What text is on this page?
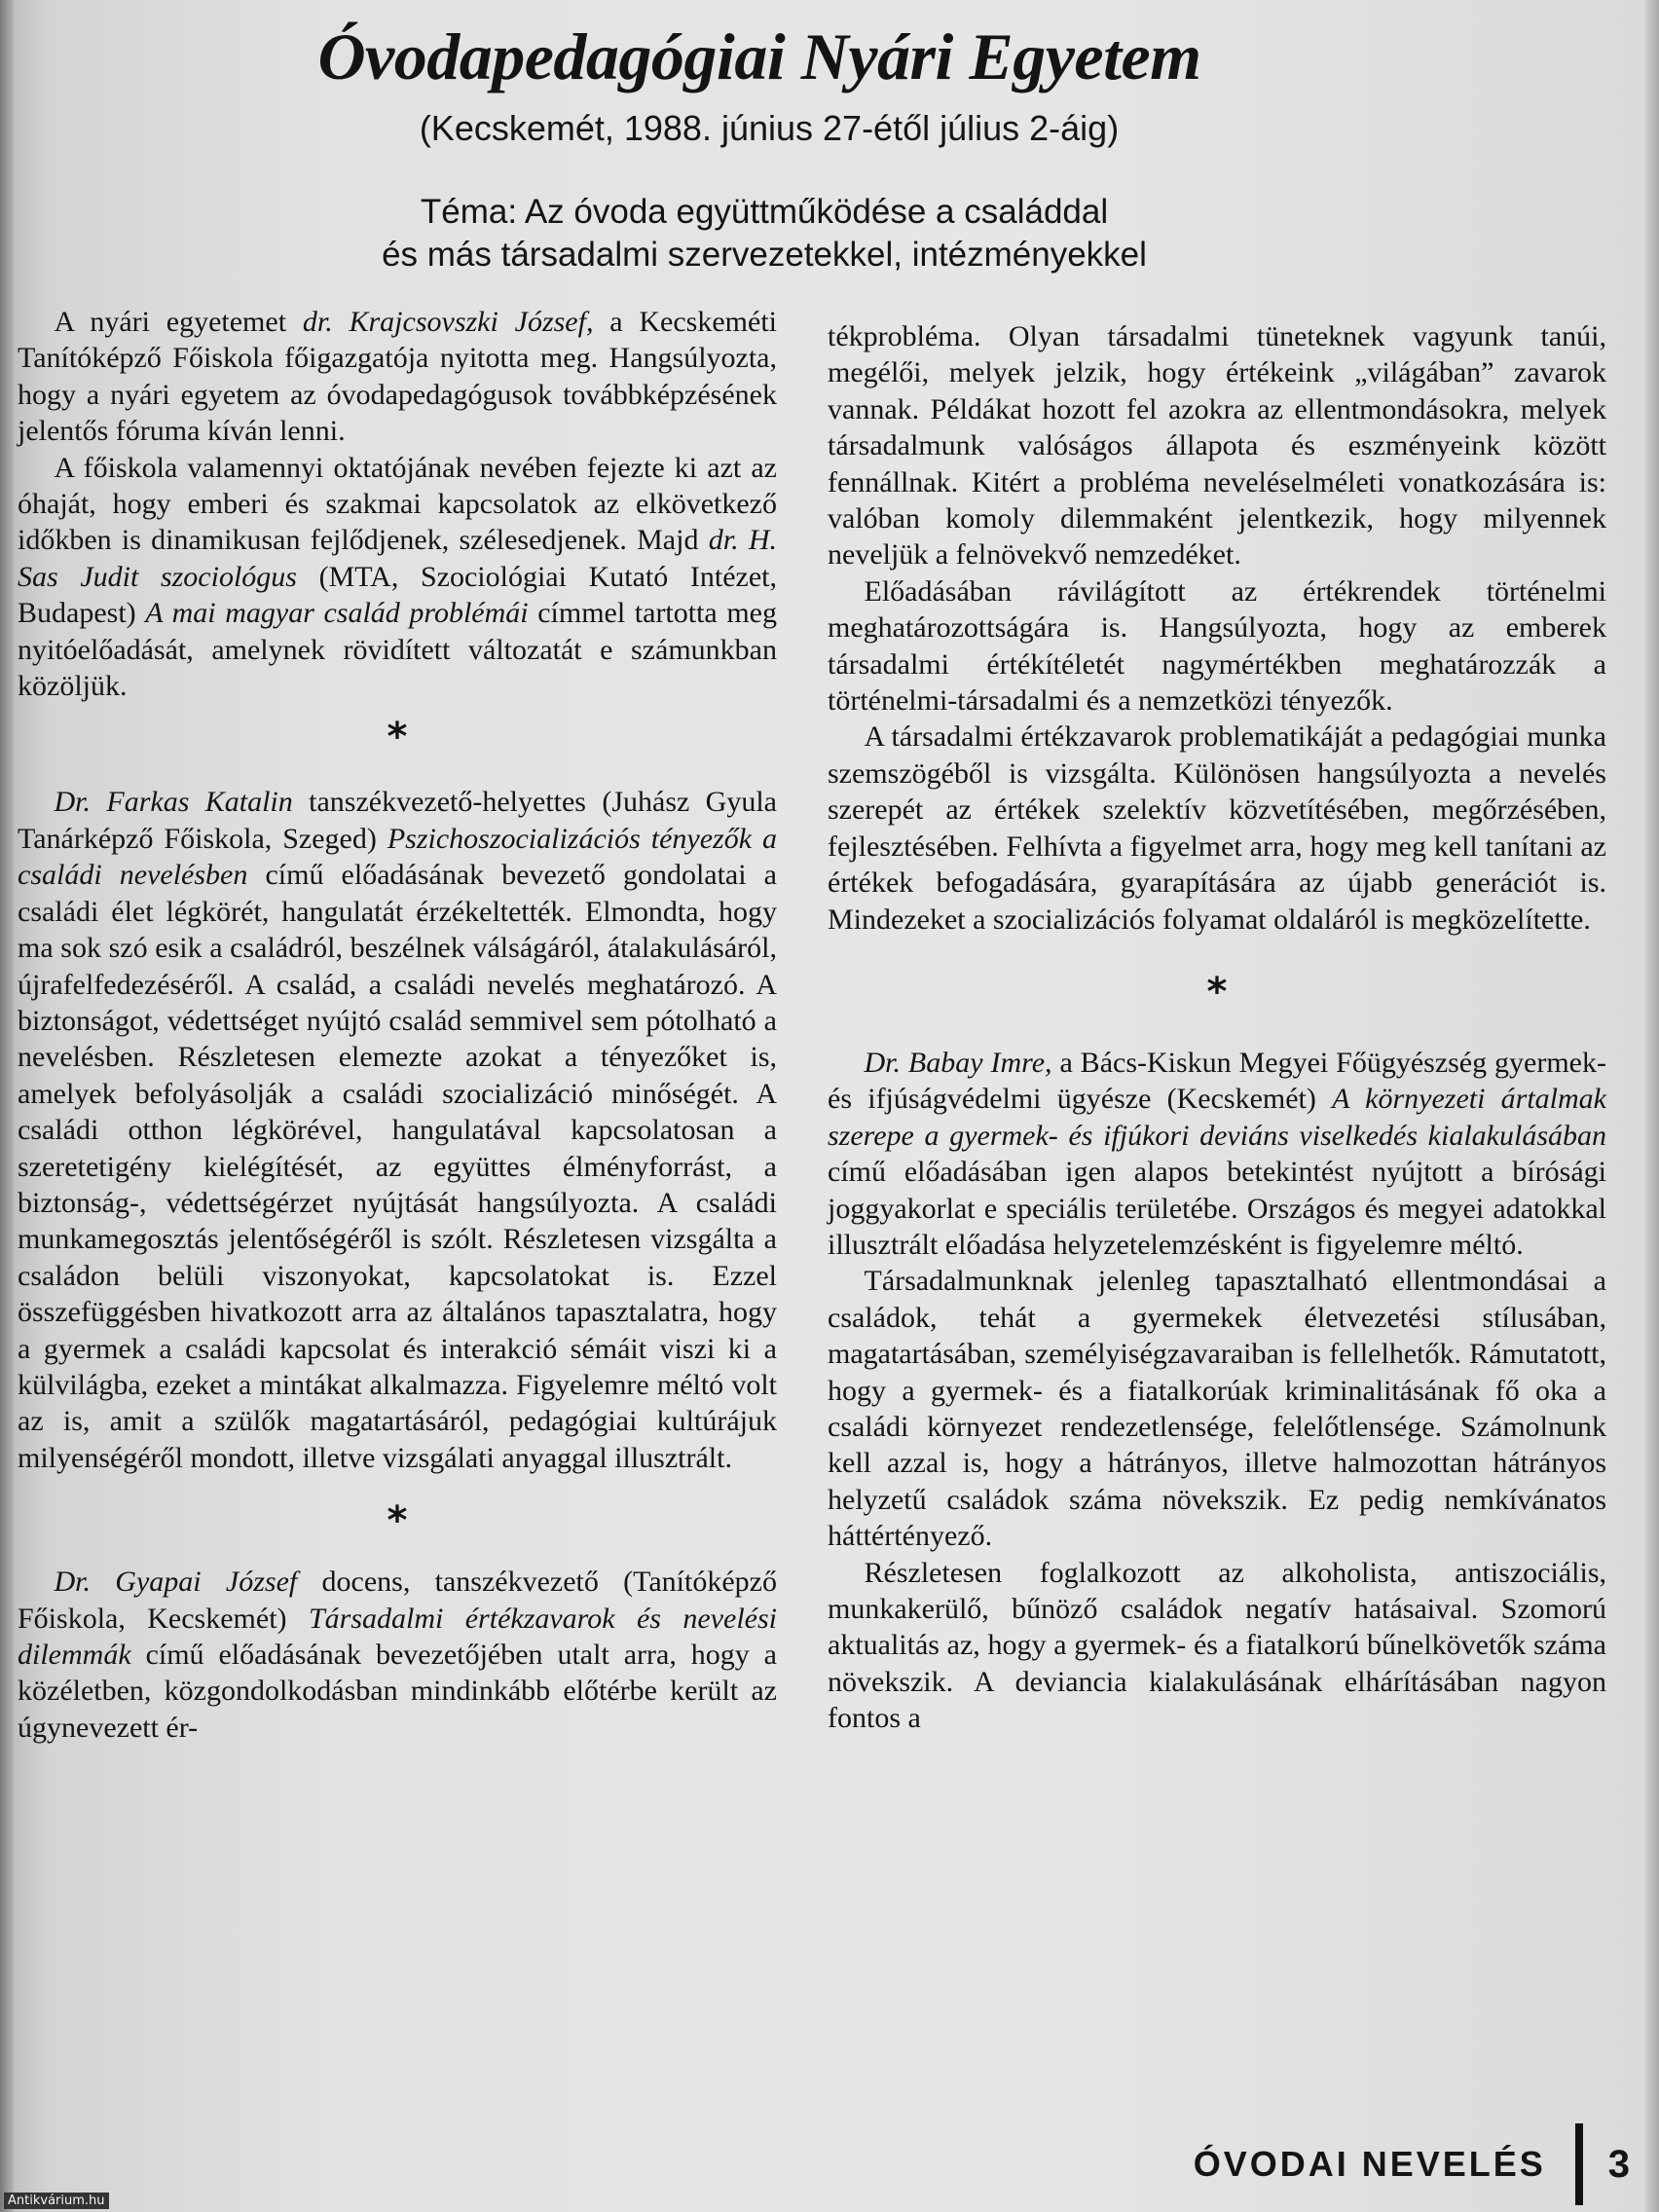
Óvodapedagógiai Nyári Egyetem
(Kecskemét, 1988. június 27-étől július 2-áig)
Téma: Az óvoda együttműködése a családdal
és más társadalmi szervezetekkel, intézményekkel

A nyári egyetemet dr. Krajcsovszki József, a Kecskeméti Tanítóképző Főiskola főigazgatója nyitotta meg. Hangsúlyozta, hogy a nyári egyetem az óvodapedagógusok továbbképzésének jelentős fóruma kíván lenni.

A főiskola valamennyi oktatójának nevében fejezte ki azt az óhaját, hogy emberi és szakmai kapcsolatok az elkövetkező időkben is dinamikusan fejlődjenek, szélesedjenek. Majd dr. H. Sas Judit szociológus (MTA, Szociológiai Kutató Intézet, Budapest) A mai magyar család problémái címmel tartotta meg nyitóelőadását, amelynek rövidített változatát e számunkban közöljük.

*

Dr. Farkas Katalin tanszékvezető-helyettes (Juhász Gyula Tanárképző Főiskola, Szeged) Pszichoszocializációs tényezők a családi nevelésben című előadásának bevezető gondolatai a családi élet légkörét, hangulatát érzékeltették. Elmondta, hogy ma sok szó esik a családról, beszélnek válságáról, átalakulásáról, újrafelfedezéséről. A család, a családi nevelés meghatározó. A biztonságot, védettséget nyújtó család semmivel sem pótolható a nevelésben. Részletesen elemezte azokat a tényezőket is, amelyek befolyásolják a családi szocializáció minőségét. A családi otthon légkörével, hangulatával kapcsolatosan a szeretetigény kielégítését, az együttes élményforrást, a biztonság-, védettségérzet nyújtását hangsúlyozta. A családi munkamegosztás jelentőségéről is szólt. Részletesen vizsgálta a családon belüli viszonyokat, kapcsolatokat is. Ezzel összefüggésben hivatkozott arra az általános tapasztalatra, hogy a gyermek a családi kapcsolat és interakció sémáit viszi ki a külvilágba, ezeket a mintákat alkalmazza. Figyelemre méltó volt az is, amit a szülők magatartásáról, pedagógiai kultúrájuk milyenségéről mondott, illetve vizsgálati anyaggal illusztrált.

*

Dr. Gyapai József docens, tanszékvezető (Tanítóképző Főiskola, Kecskemét) Társadalmi értékzavarok és nevelési dilemmák című előadásának bevezetőjében utalt arra, hogy a közéletben, közgondolkodásban mindinkább előtérbe került az úgynevezett ér-

tékprobléma. Olyan társadalmi tüneteknek vagyunk tanúi, megélői, melyek jelzik, hogy értékeink „világában” zavarok vannak. Példákat hozott fel azokra az ellentmondásokra, melyek társadalmunk valóságos állapota és eszményeink között fennállnak. Kitért a probléma neveléselméleti vonatkozására is: valóban komoly dilemmaként jelentkezik, hogy milyennek neveljük a felnövekvő nemzedéket.

Előadásában rávilágított az értékrendek történelmi meghatározottságára is. Hangsúlyozta, hogy az emberek társadalmi értékítéletét nagymértékben meghatározzák a történelmi-társadalmi és a nemzetközi tényezők.

A társadalmi értékzavarok problematikáját a pedagógiai munka szemszögéből is vizsgálta. Különösen hangsúlyozta a nevelés szerepét az értékek szelektív közvetítésében, megőrzésében, fejlesztésében. Felhívta a figyelmet arra, hogy meg kell tanítani az értékek befogadására, gyarapítására az újabb generációt is. Mindezeket a szocializációs folyamat oldaláról is megközelítette.

*

Dr. Babay Imre, a Bács-Kiskun Megyei Főügyészség gyermek- és ifjúságvédelmi ügyésze (Kecskemét) A környezeti ártalmak szerepe a gyermek- és ifjúkori deviáns viselkedés kialakulásában című előadásában igen alapos betekintést nyújtott a bírósági joggyakorlat e speciális területébe. Országos és megyei adatokkal illusztrált előadása helyzetelemzésként is figyelemre méltó.

Társadalmunknak jelenleg tapasztalható ellentmondásai a családok, tehát a gyermekek életvezetési stílusában, magatartásában, személyiségzavaraiban is fellelhetők. Rámutatott, hogy a gyermek- és a fiatalkorúak kriminalitásának fő oka a családi környezet rendezetlensége, felelőtlensége. Számolnunk kell azzal is, hogy a hátrányos, illetve halmozottan hátrányos helyzetű családok száma növekszik. Ez pedig nemkívánatos háttértényező.

Részletesen foglalkozott az alkoholista, antiszociális, munkakerülő, bűnöző családok negatív hatásaival. Szomorú aktualitás az, hogy a gyermek- és a fiatalkorú bűnelkövetők száma növekszik. A deviancia kialakulásának elhárításában nagyon fontos a

ÓVODAI NEVELÉS 3
Antikvárium.hu
